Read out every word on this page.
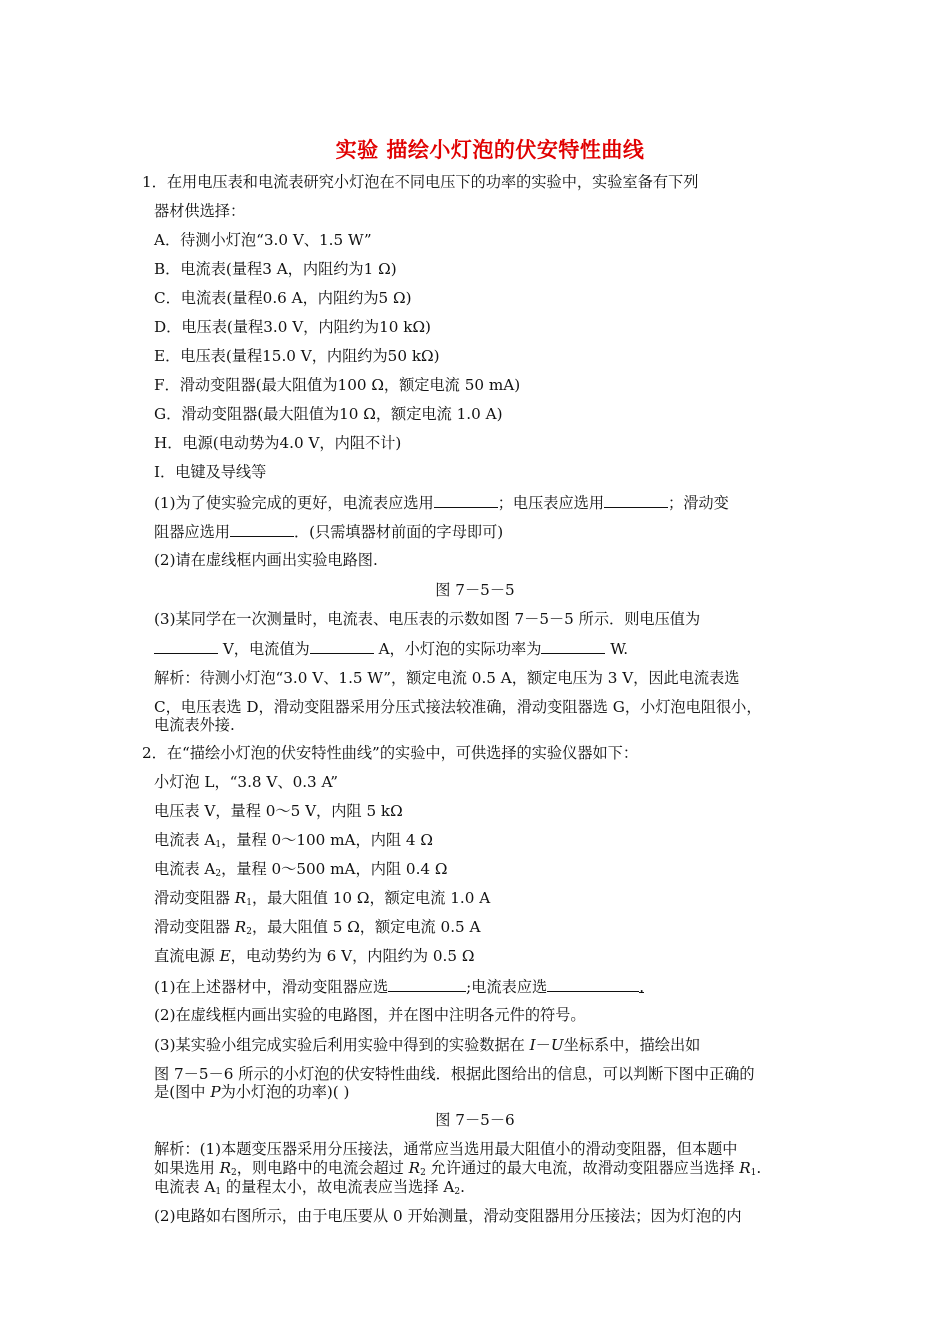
实验 描绘小灯泡的伏安特性曲线
1．在用电压表和电流表研究小灯泡在不同电压下的功率的实验中，实验室备有下列
器材供选择：
A．待测小灯泡“3.0 V、1.5 W”
B．电流表(量程3 A，内阻约为1 Ω)
C．电流表(量程0.6 A，内阻约为5 Ω)
D．电压表(量程3.0 V，内阻约为10 kΩ)
E．电压表(量程15.0 V，内阻约为50 kΩ)
F．滑动变阻器(最大阻值为100 Ω，额定电流 50 mA)
G．滑动变阻器(最大阻值为10 Ω，额定电流 1.0 A)
H．电源(电动势为4.0 V，内阻不计)
I．电键及导线等
(1)为了使实验完成的更好，电流表应选用	；电压表应选用	；滑动变
阻器应选用	．(只需填器材前面的字母即可)
(2)请在虚线框内画出实验电路图.
图 7－5－5
(3)某同学在一次测量时，电流表、电压表的示数如图 7－5－5 所示．则电压值为
V，电流值为	A，小灯泡的实际功率为	W.
解析：待测小灯泡“3.0 V、1.5 W”，额定电流 0.5 A，额定电压为 3 V，因此电流表选
C，电压表选 D，滑动变阻器采用分压式接法较准确，滑动变阻器选 G，小灯泡电阻很小，
电流表外接.
2．在“描绘小灯泡的伏安特性曲线”的实验中，可供选择的实验仪器如下：
小灯泡 L，“3.8 V、0.3 A”
电压表 V，量程 0～5 V，内阻 5 kΩ
电流表 $A_1$，量程 0～100 mA，内阻 4 Ω
电流表 $A_2$，量程 0～500 mA，内阻 0.4 Ω
滑动变阻器 $R_1$，最大阻值 10 Ω，额定电流 1.0 A
滑动变阻器 $R_2$，最大阻值 5 Ω，额定电流 0.5 A
直流电源 E，电动势约为 6 V，内阻约为 0.5 Ω
(1)在上述器材中，滑动变阻器应选	;电流表应选	.
(2)在虚线框内画出实验的电路图，并在图中注明各元件的符号。
(3)某实验小组完成实验后利用实验中得到的实验数据在 I－U坐标系中，描绘出如
图 7－5－6 所示的小灯泡的伏安特性曲线．根据此图给出的信息，可以判断下图中正确的
是(图中 P为小灯泡的功率)( )
图 7－5－6
解析：(1)本题变压器采用分压接法，通常应当选用最大阻值小的滑动变阻器，但本题中
如果选用 $R_2$，则电路中的电流会超过 $R_2$ 允许通过的最大电流，故滑动变阻器应当选择 $R_1$.
电流表 $A_1$ 的量程太小，故电流表应当选择 $A_2$.
(2)电路如右图所示，由于电压要从 0 开始测量，滑动变阻器用分压接法；因为灯泡的内
